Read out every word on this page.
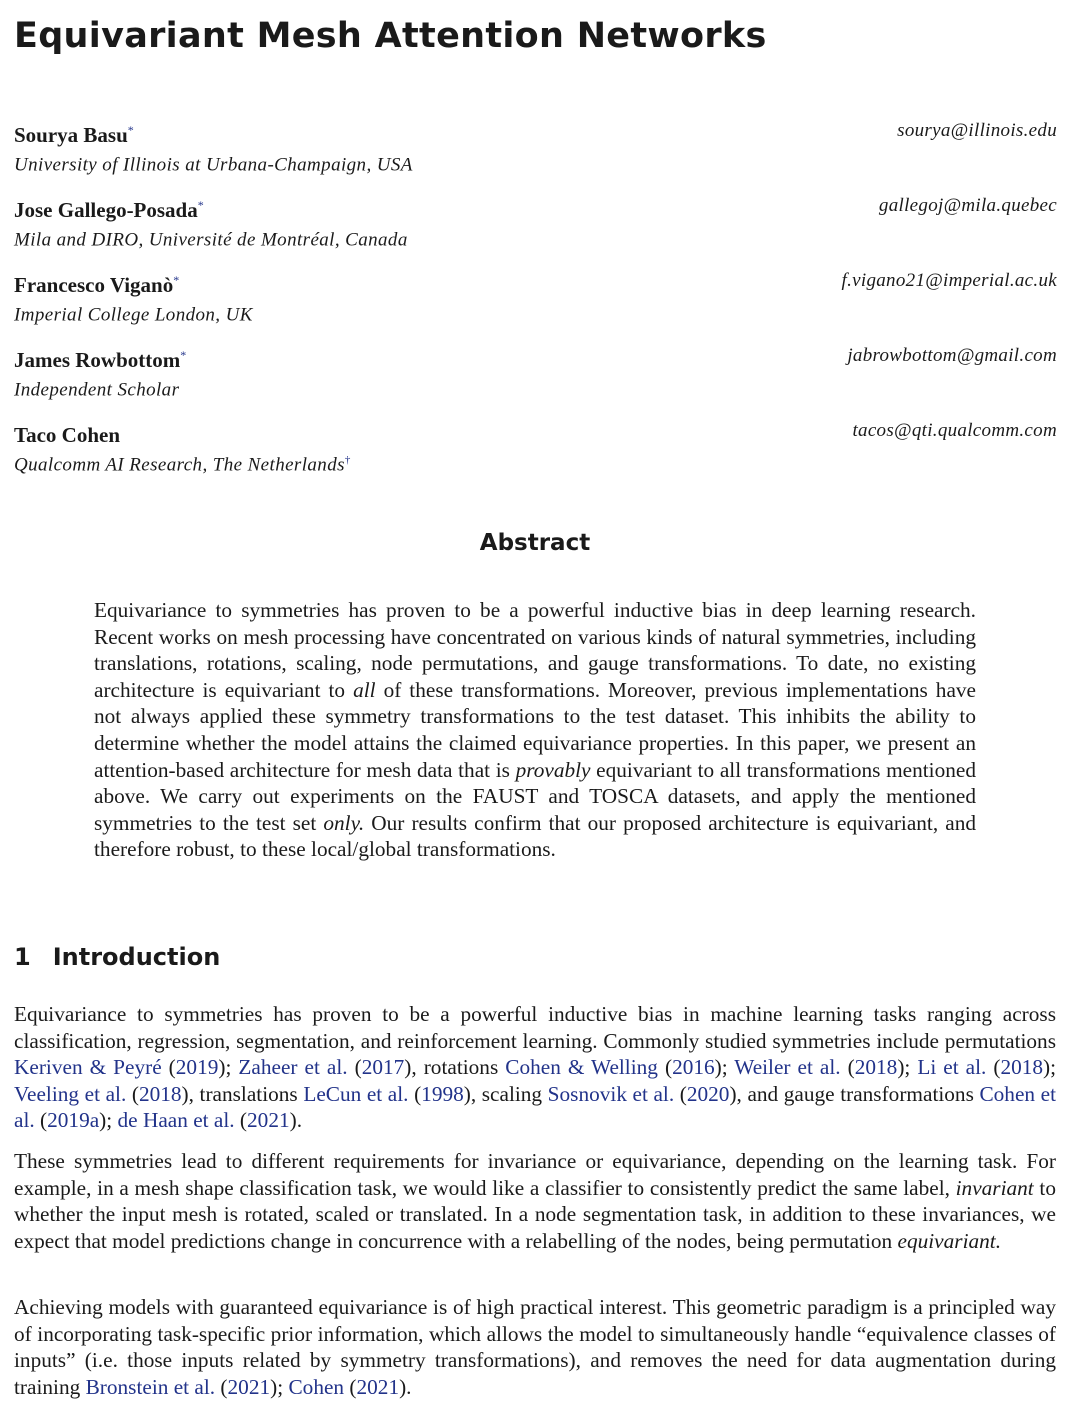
Equivariant Mesh Attention Networks
Sourya Basu*
University of Illinois at Urbana-Champaign, USA
sourya@illinois.edu
Jose Gallego-Posada*
Mila and DIRO, Université de Montréal, Canada
gallegoj@mila.quebec
Francesco Viganò*
Imperial College London, UK
f.vigano21@imperial.ac.uk
James Rowbottom*
Independent Scholar
jabrowbottom@gmail.com
Taco Cohen
Qualcomm AI Research, The Netherlands†
tacos@qti.qualcomm.com
Abstract

Equivariance to symmetries has proven to be a powerful inductive bias in deep learning research. Recent works on mesh processing have concentrated on various kinds of natural symmetries, including translations, rotations, scaling, node permutations, and gauge transformations. To date, no existing architecture is equivariant to all of these transformations. Moreover, previous implementations have not always applied these symmetry transformations to the test dataset. This inhibits the ability to determine whether the model attains the claimed equivariance properties. In this paper, we present an attention-based architecture for mesh data that is provably equivariant to all transformations mentioned above. We carry out experiments on the FAUST and TOSCA datasets, and apply the mentioned symmetries to the test set only. Our results confirm that our proposed architecture is equivariant, and therefore robust, to these local/global transformations.

1 Introduction

Equivariance to symmetries has proven to be a powerful inductive bias in machine learning tasks ranging across classification, regression, segmentation, and reinforcement learning. Commonly studied symmetries include permutations Keriven & Peyré (2019); Zaheer et al. (2017), rotations Cohen & Welling (2016); Weiler et al. (2018); Li et al. (2018); Veeling et al. (2018), translations LeCun et al. (1998), scaling Sosnovik et al. (2020), and gauge transformations Cohen et al. (2019a); de Haan et al. (2021).

These symmetries lead to different requirements for invariance or equivariance, depending on the learning task. For example, in a mesh shape classification task, we would like a classifier to consistently predict the same label, invariant to whether the input mesh is rotated, scaled or translated. In a node segmentation task, in addition to these invariances, we expect that model predictions change in concurrence with a relabelling of the nodes, being permutation equivariant.

Achieving models with guaranteed equivariance is of high practical interest. This geometric paradigm is a principled way of incorporating task-specific prior information, which allows the model to simultaneously handle “equivalence classes of inputs” (i.e. those inputs related by symmetry transformations), and removes the need for data augmentation during training Bronstein et al. (2021); Cohen (2021).
